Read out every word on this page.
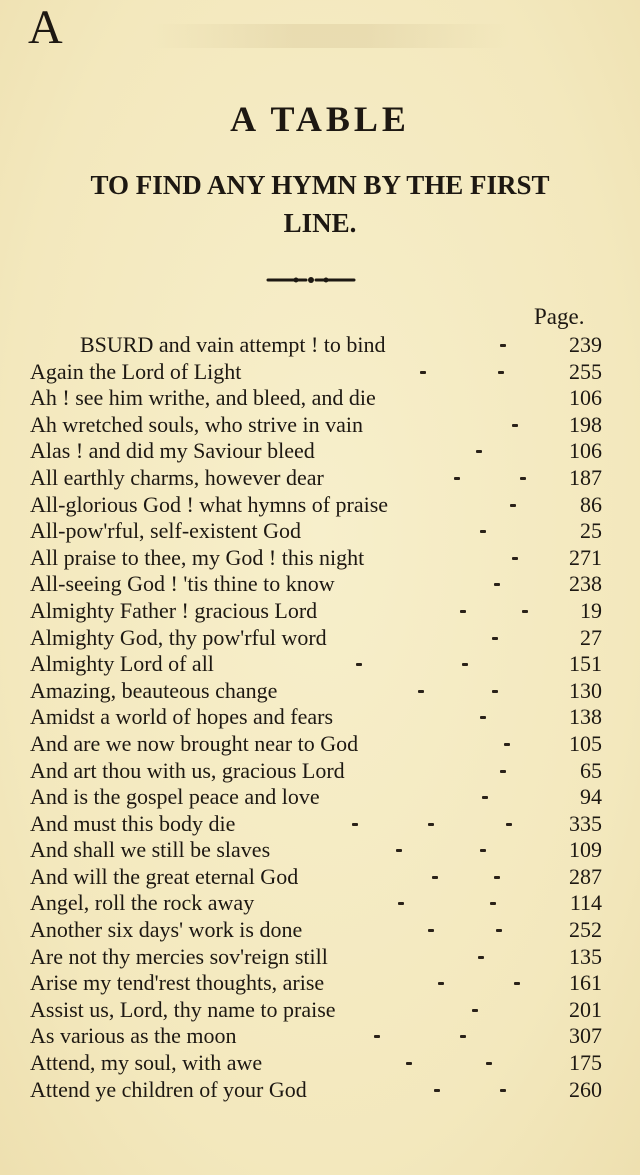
A TABLE
TO FIND ANY HYMN BY THE FIRST LINE.
Page.
A
BSURD and vain attempt ! to bind	239
Again the Lord of Light	255
Ah ! see him writhe, and bleed, and die	106
Ah wretched souls, who strive in vain	198
Alas ! and did my Saviour bleed	106
All earthly charms, however dear	187
All-glorious God ! what hymns of praise	86
All-pow'rful, self-existent God	25
All praise to thee, my God ! this night	271
All-seeing God ! 'tis thine to know	238
Almighty Father ! gracious Lord	19
Almighty God, thy pow'rful word	27
Almighty Lord of all	151
Amazing, beauteous change	130
Amidst a world of hopes and fears	138
And are we now brought near to God	105
And art thou with us, gracious Lord	65
And is the gospel peace and love	94
And must this body die	335
And shall we still be slaves	109
And will the great eternal God	287
Angel, roll the rock away	114
Another six days' work is done	252
Are not thy mercies sov'reign still	135
Arise my tend'rest thoughts, arise	161
Assist us, Lord, thy name to praise	201
As various as the moon	307
Attend, my soul, with awe	175
Attend ye children of your God	260
